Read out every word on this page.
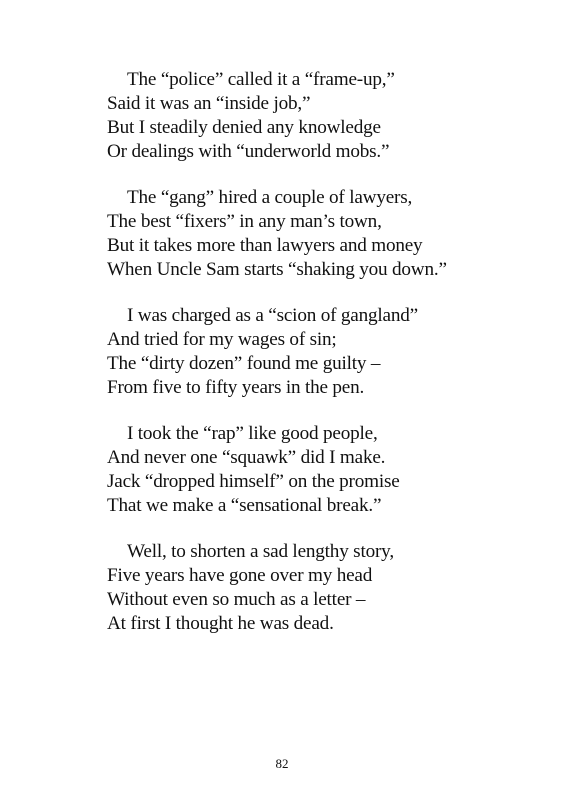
The “police” called it a “frame-up,”
Said it was an “inside job,”
But I steadily denied any knowledge
Or dealings with “underworld mobs.”
The “gang” hired a couple of lawyers,
The best “fixers” in any man’s town,
But it takes more than lawyers and money
When Uncle Sam starts “shaking you down.”
I was charged as a “scion of gangland”
And tried for my wages of sin;
The “dirty dozen” found me guilty –
From five to fifty years in the pen.
I took the “rap” like good people,
And never one “squawk” did I make.
Jack “dropped himself” on the promise
That we make a “sensational break.”
Well, to shorten a sad lengthy story,
Five years have gone over my head
Without even so much as a letter –
At first I thought he was dead.
82
